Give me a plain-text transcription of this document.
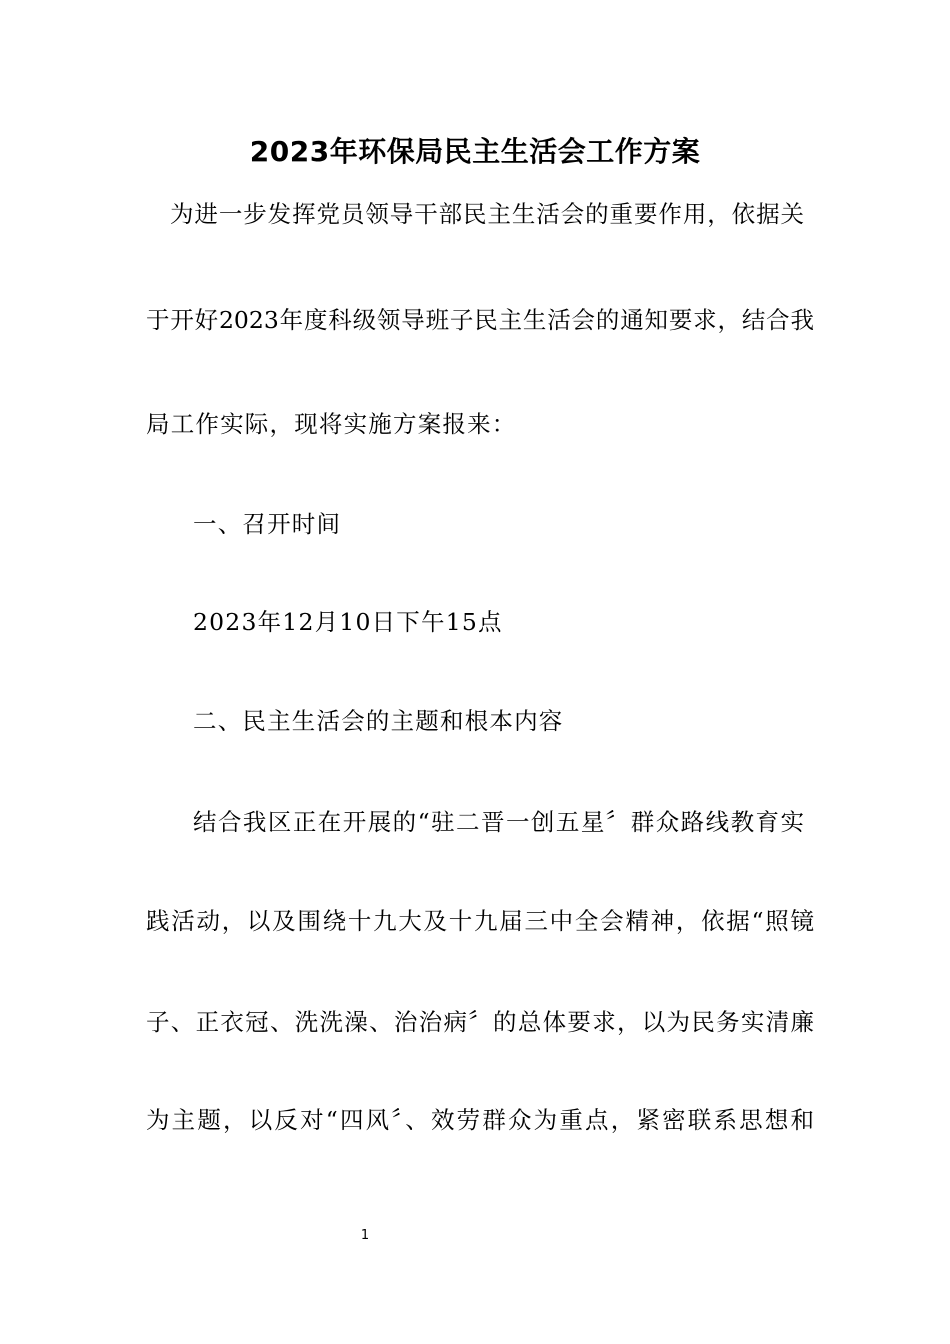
2023年环保局民主生活会工作方案
为进一步发挥党员领导干部民主生活会的重要作用，依据关
于开好2023年度科级领导班子民主生活会的通知要求，结合我
局工作实际，现将实施方案报来：
一、召开时间
2023年12月10日下午15点
二、民主生活会的主题和根本内容
结合我区正在开展的“驻二晋一创五星〞群众路线教育实
践活动，以及围绕十九大及十九届三中全会精神，依据“照镜
子、正衣冠、洗洗澡、治治病〞的总体要求，以为民务实清廉
为主题，以反对“四风〞、效劳群众为重点，紧密联系思想和
1
